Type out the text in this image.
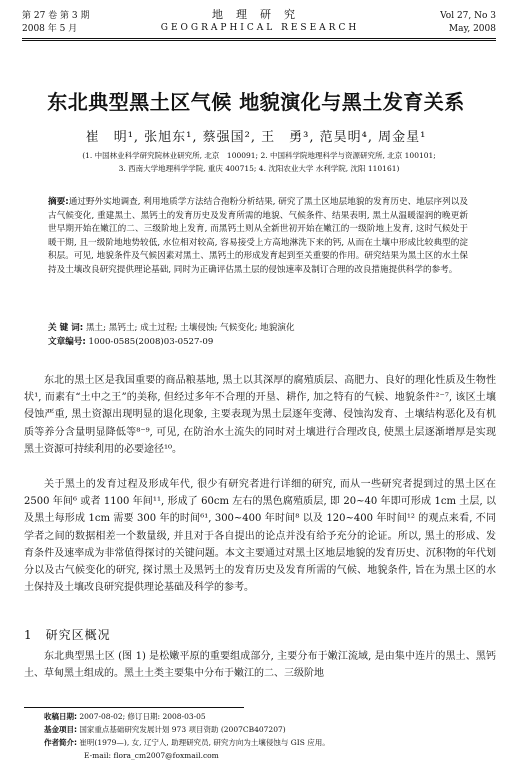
第 27 卷 第 3 期
2008 年 5 月
地理研究
GEOGRAPHICAL RESEARCH
Vol 27, No 3
May, 2008
东北典型黑土区气候 地貌演化与黑土发育关系
崔　明¹, 张旭东¹, 蔡强国², 王　勇³, 范昊明⁴, 周金星¹
(1. 中国林业科学研究院林业研究所, 北京　100091; 2. 中国科学院地理科学与资源研究所, 北京 100101;
3. 西南大学地理科学学院, 重庆 400715; 4. 沈阳农业大学 水利学院, 沈阳 110161)
摘要:通过野外实地调查, 利用地质学方法结合孢粉分析结果, 研究了黑土区地层地貌的发育历史、地层序列以及古气候变化, 重建黑土、黑钙土的发育历史及发育所需的地貌、气候条件、结果表明, 黑土从温暖湿润的晚更新世早期开始在嫩江的二、三级阶地上发育, 而黑钙土则从全新世初开始在嫩江的一级阶地上发育, 这时气候处于暖干期, 且一级阶地地势较低, 水位相对较高, 容易接受上方高地淋洗下来的钙, 从而在土壤中形成比较典型的淀积层。可见, 地貌条件及气候因素对黑土、黑钙土的形成发育起到至关重要的作用。研究结果为黑土区的水土保持及土壤改良研究提供理论基础, 同时为正确评估黑土层的侵蚀速率及制订合理的改良措施提供科学的参考。
关 键 词: 黑土; 黑钙土; 成土过程; 土壤侵蚀; 气候变化; 地貌演化
文章编号: 1000-0585(2008)03-0527-09
东北的黑土区是我国重要的商品粮基地, 黑土以其深厚的腐殖质层、高肥力、良好的理化性质及生物性状¹, 而素有“土中之王”的美称, 但经过多年不合理的开垦、耕作, 加之特有的气候、地貌条件²⁻⁷, 该区土壤侵蚀严重, 黑土资源出现明显的退化现象, 主要表现为黑土层逐年变薄、侵蚀沟发育、土壤结构恶化及有机质等养分含量明显降低等⁸⁻⁹, 可见, 在防治水土流失的同时对土壤进行合理改良, 使黑土层逐渐增厚是实现黑土资源可持续利用的必要途径¹⁰。
关于黑土的发育过程及形成年代, 很少有研究者进行详细的研究, 而从一些研究者提到过的黑土区在 2500 年间⁶ 或者 1100 年间¹¹, 形成了 60cm 左右的黑色腐殖质层, 即 20~40 年即可形成 1cm 土层, 以及黑土每形成 1cm 需要 300 年的时间⁶¹, 300~400 年时间⁸ 以及 120~400 年时间¹² 的观点来看, 不同学者之间的数据相差一个数量级, 并且对于各自提出的论点并没有给予充分的论证。所以, 黑土的形成、发育条件及速率成为非常值得探讨的关键问题。本文主要通过对黑土区地层地貌的发育历史、沉积物的年代划分以及古气候变化的研究, 探讨黑土及黑钙土的发育历史及发育所需的气候、地貌条件, 旨在为黑土区的水土保持及土壤改良研究提供理论基础及科学的参考。
1　研究区概况
东北典型黑土区 (图 1) 是松嫩平原的重要组成部分, 主要分布于嫩江流域, 是由集中连片的黑土、黑钙土、草甸黑土组成的。黑土土类主要集中分布于嫩江的二、三级阶地
收稿日期: 2007-08-02; 修订日期: 2008-03-05
基金项目: 国家重点基础研究发展计划 973 项目资助 (2007CB407207)
作者简介: 崔明(1979—), 女, 辽宁人, 助理研究员, 研究方向为土壤侵蚀与 GIS 应用。
E-mail: flora_cm2007@foxmail.com
